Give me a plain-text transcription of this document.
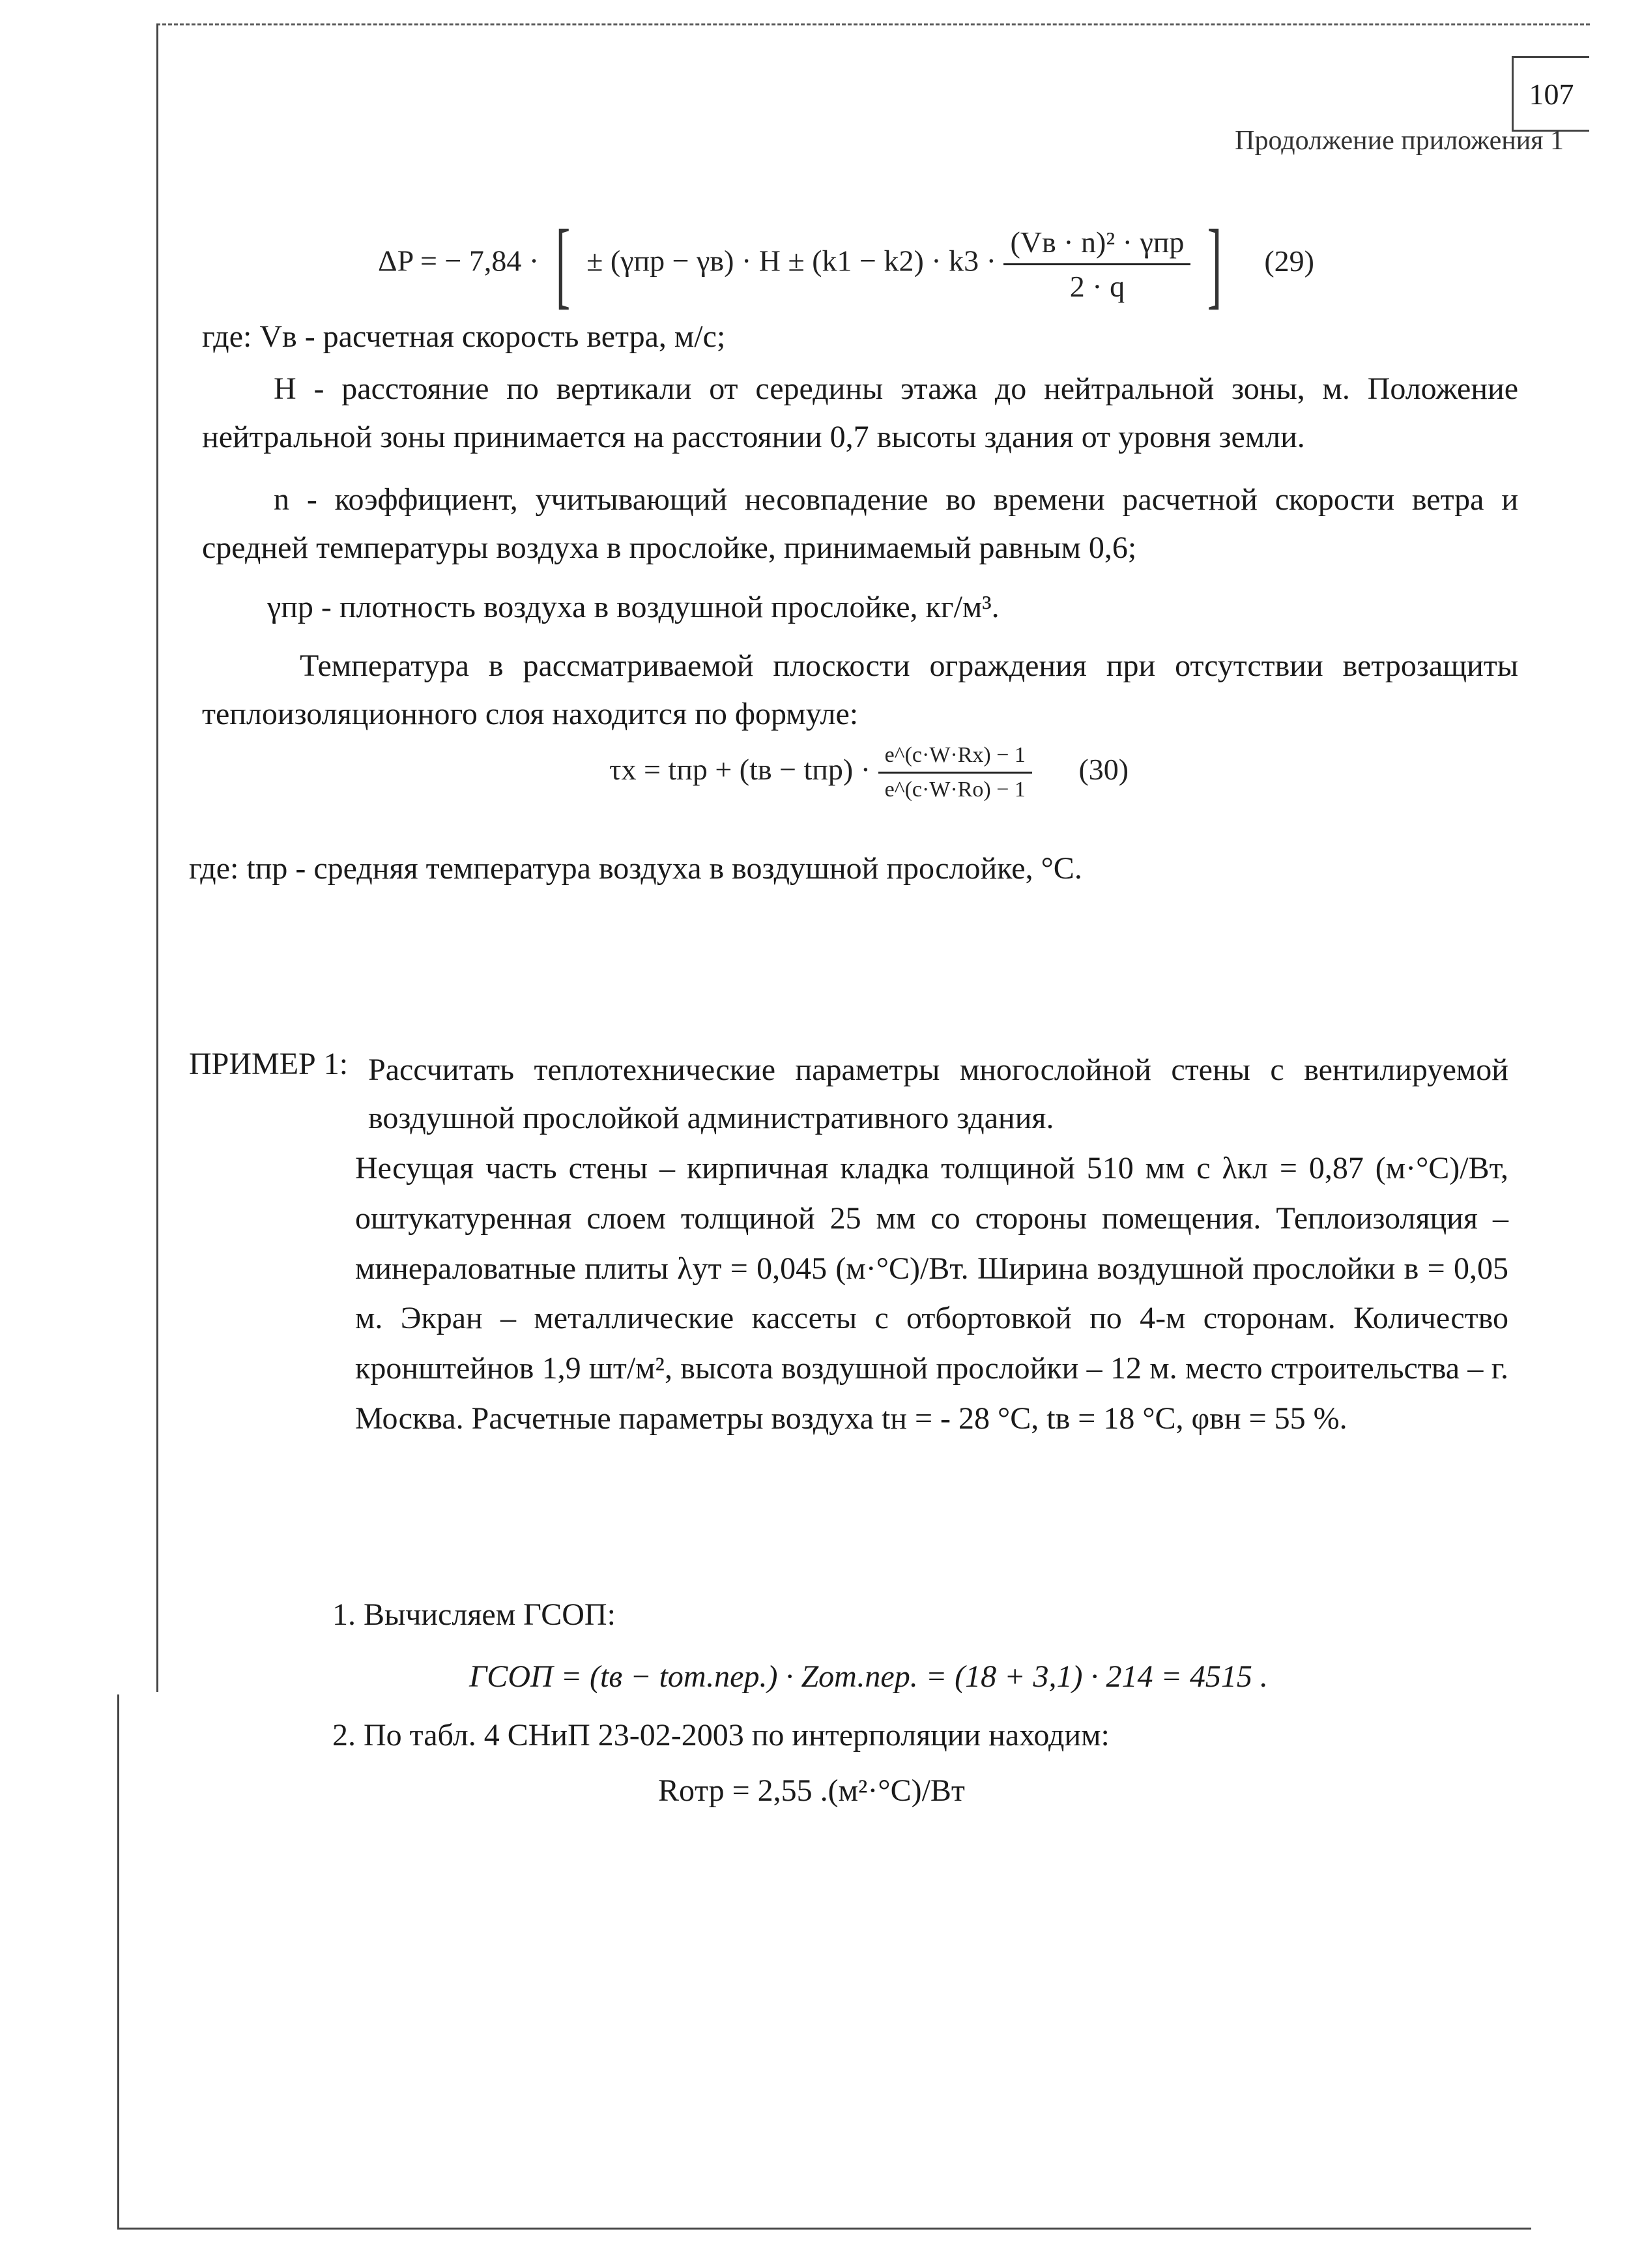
107
Продолжение приложения 1
ΔP = − 7,84 · [ ± $(\gamma пр - \gamma в) \cdot H \pm (k1 - k2) \cdot k3 \cdot \frac{\text{(Vв · n)² · γпр}}{2 \cdot q}$ ] (29)
где: Vв - расчетная скорость ветра, м/с;
H - расстояние по вертикали от середины этажа до нейтральной зоны, м. Положение нейтральной зоны принимается на расстоянии 0,7 высоты здания от уровня земли.
n - коэффициент, учитывающий несовпадение во времени расчетной скорости ветра и средней температуры воздуха в прослойке, принимаемый равным 0,6;
γпр - плотность воздуха в воздушной прослойке, кг/м³.
Температура в рассматриваемой плоскости ограждения при отсутствии ветрозащиты теплоизоляционного слоя находится по формуле:
τx = tпр + $(tв - tпр) \cdot \frac{e\^{}(c\cdot W\cdot Rx) - 1}{e\^{}(c\cdot W\cdot Ro) - 1} (30)$
где: tпр - средняя температура воздуха в воздушной прослойке, °С.
ПРИМЕР 1: Рассчитать теплотехнические параметры многослойной стены с вентилируемой воздушной прослойкой административного здания.
Несущая часть стены – кирпичная кладка толщиной 510 мм с λкл = 0,87 (м·°С)/Вт, оштукатуренная слоем толщиной 25 мм со стороны помещения. Теплоизоляция – минераловатные плиты λут = 0,045 (м·°С)/Вт. Ширина воздушной прослойки в = 0,05 м. Экран – металлические кассеты с отбортовкой по 4-м сторонам. Количество кронштейнов 1,9 шт/м², высота воздушной прослойки – 12 м. место строительства – г. Москва. Расчетные параметры воздуха tн = - 28 °С, tв = 18 °С, φвн = 55 %.
1. Вычисляем ГСОП:
ГСОП = (tв − tот.пер.) · Zот.пер. = (18 + 3,1) · 214 = 4515 .
2. По табл. 4 СНиП 23-02-2003 по интерполяции находим:
Roтр = 2,55 .(м²·°С)/Вт
